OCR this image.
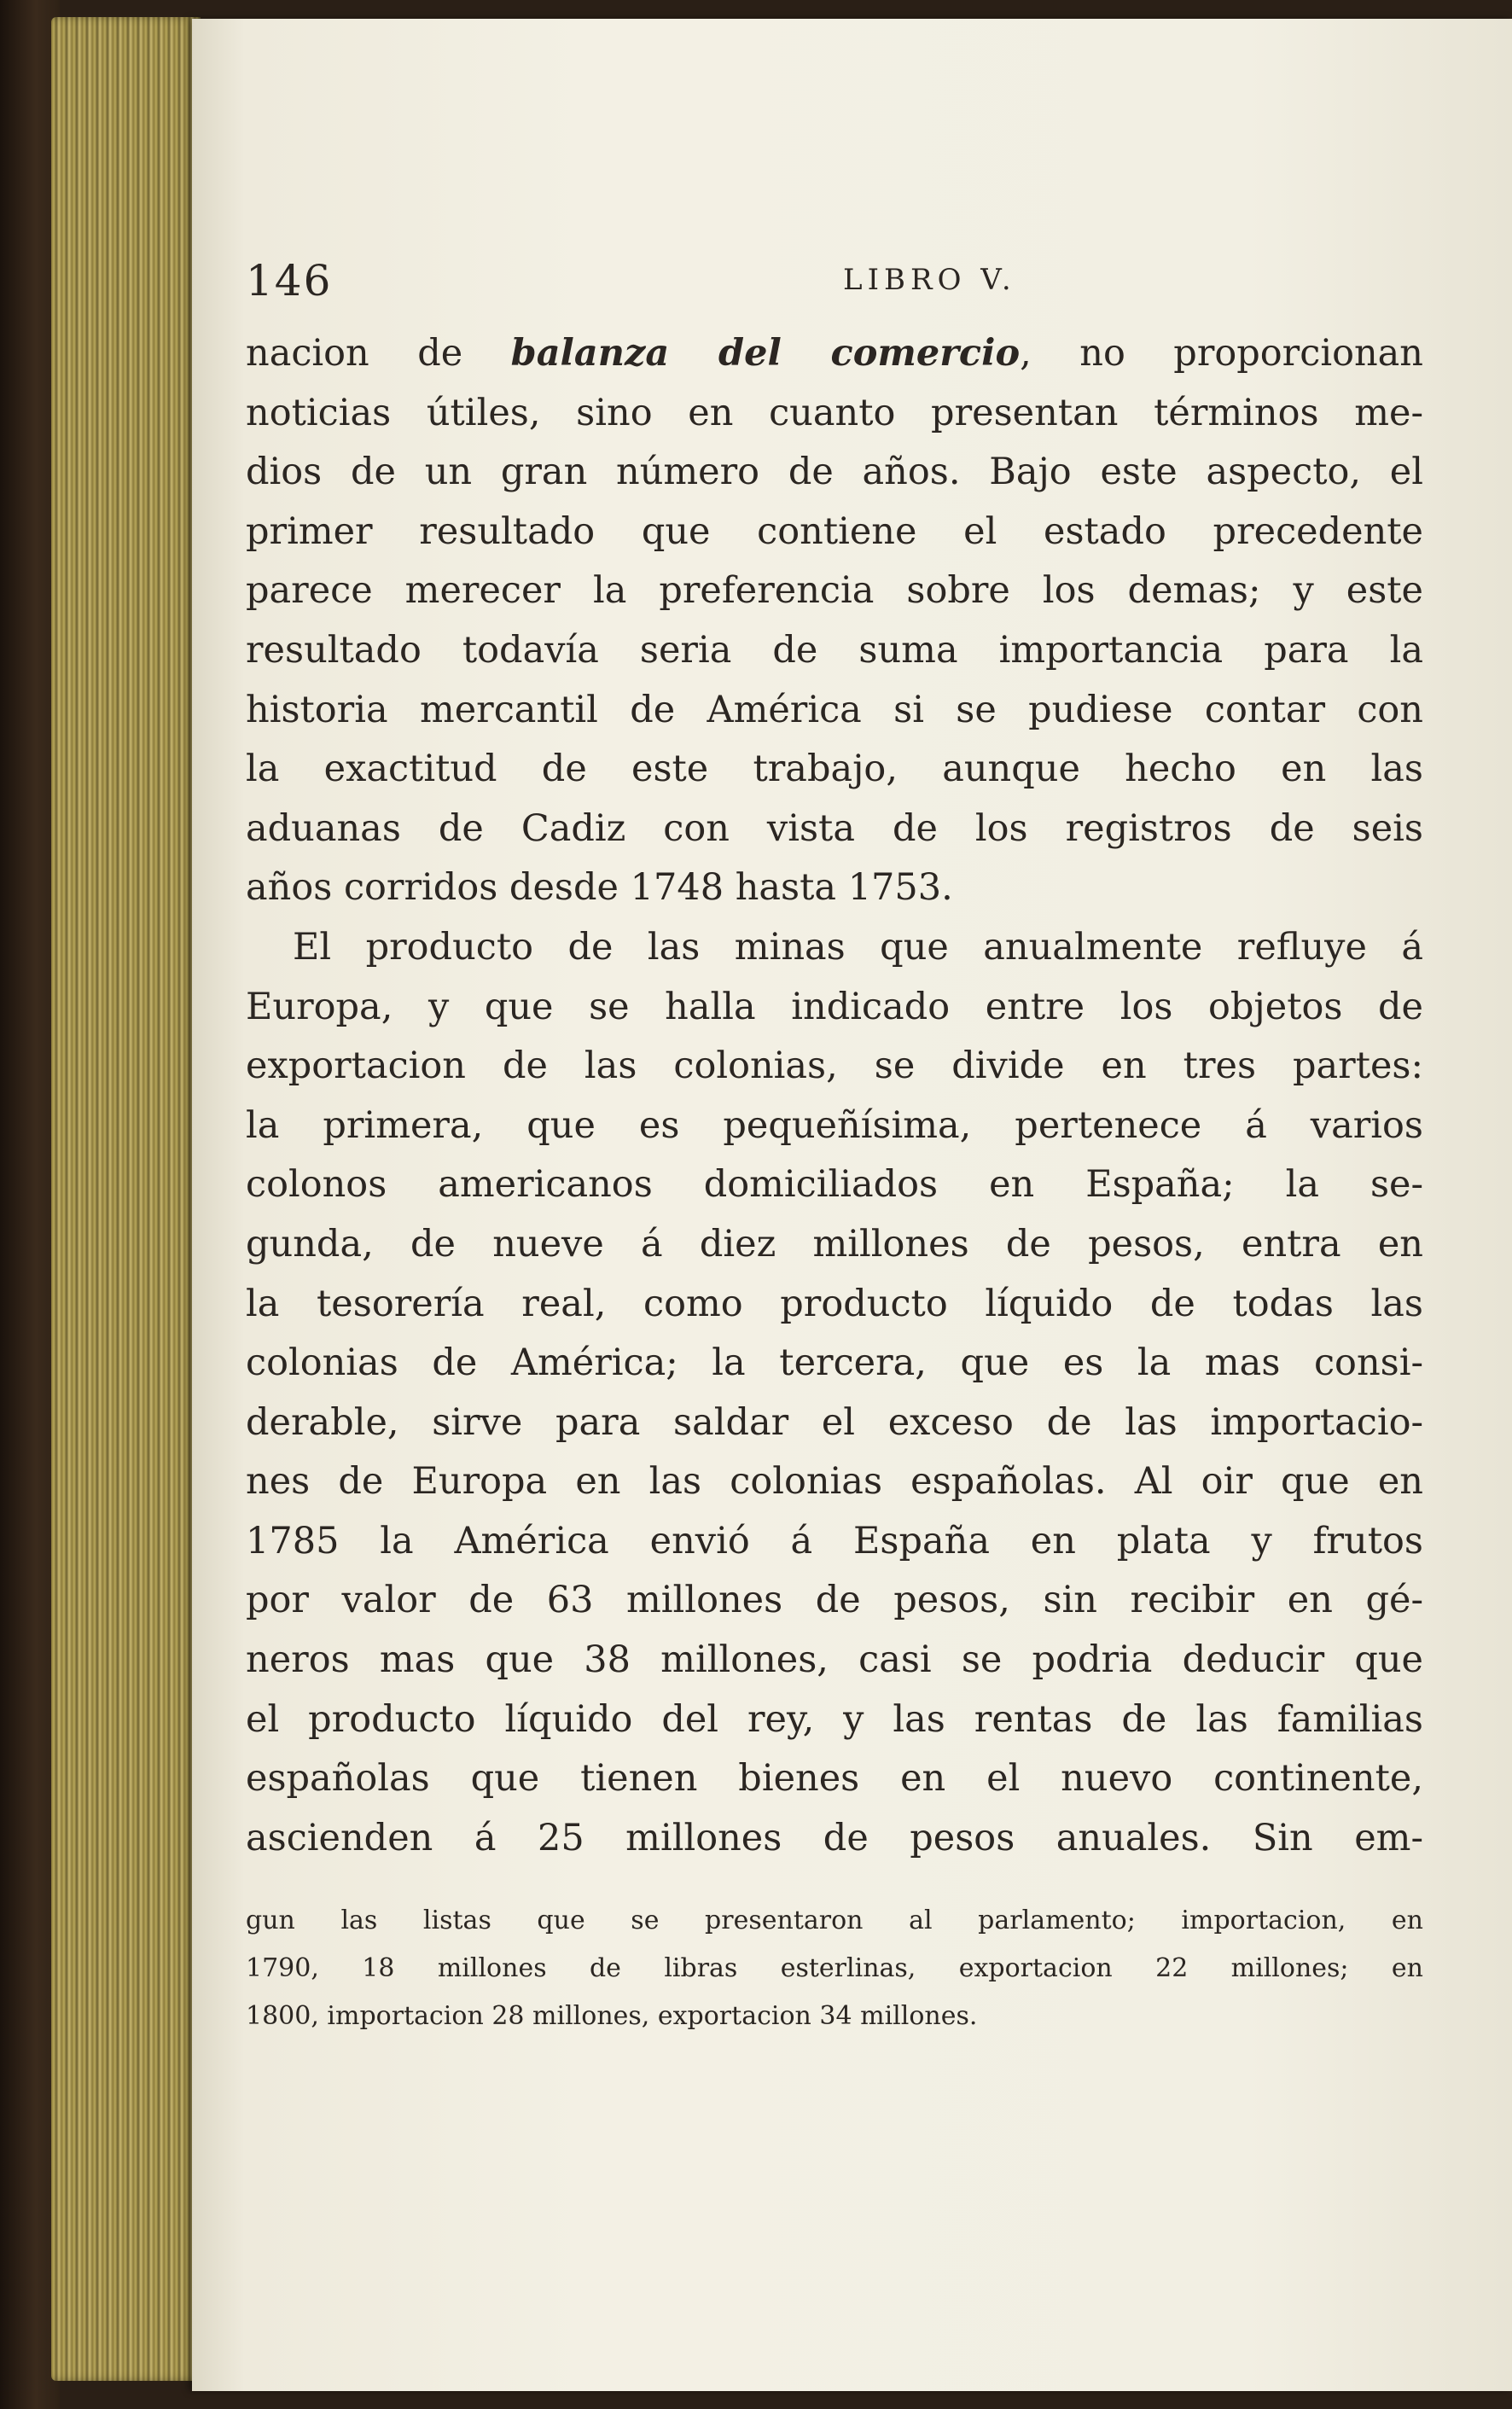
146	LIBRO V.
nacion de balanza del comercio, no proporcionan
noticias útiles, sino en cuanto presentan términos me-
dios de un gran número de años. Bajo este aspecto, el
primer resultado que contiene el estado precedente
parece merecer la preferencia sobre los demas; y este
resultado todavía seria de suma importancia para la
historia mercantil de América si se pudiese contar con
la exactitud de este trabajo, aunque hecho en las
aduanas de Cadiz con vista de los registros de seis
años corridos desde 1748 hasta 1753.
El producto de las minas que anualmente refluye á
Europa, y que se halla indicado entre los objetos de
exportacion de las colonias, se divide en tres partes:
la primera, que es pequeñísima, pertenece á varios
colonos americanos domiciliados en España; la se-
gunda, de nueve á diez millones de pesos, entra en
la tesorería real, como producto líquido de todas las
colonias de América; la tercera, que es la mas consi-
derable, sirve para saldar el exceso de las importacio-
nes de Europa en las colonias españolas. Al oir que en
1785 la América envió á España en plata y frutos
por valor de 63 millones de pesos, sin recibir en gé-
neros mas que 38 millones, casi se podria deducir que
el producto líquido del rey, y las rentas de las familias
españolas que tienen bienes en el nuevo continente,
ascienden á 25 millones de pesos anuales. Sin em-
gun las listas que se presentaron al parlamento; importacion, en
1790, 18 millones de libras esterlinas, exportacion 22 millones; en
1800, importacion 28 millones, exportacion 34 millones.
